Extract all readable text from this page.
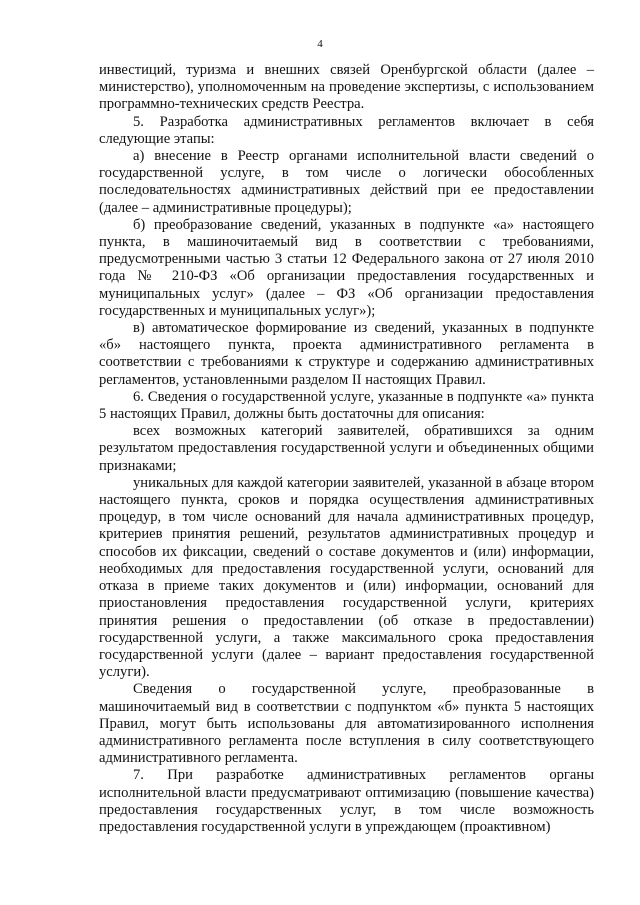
4

инвестиций, туризма и внешних связей Оренбургской области (далее – министерство), уполномоченным на проведение экспертизы, с использованием программно-технических средств Реестра.

5. Разработка административных регламентов включает в себя следующие этапы:

а) внесение в Реестр органами исполнительной власти сведений о государственной услуге, в том числе о логически обособленных последовательностях административных действий при ее предоставлении (далее – административные процедуры);

б) преобразование сведений, указанных в подпункте «а» настоящего пункта, в машиночитаемый вид в соответствии с требованиями, предусмотренными частью 3 статьи 12 Федерального закона от 27 июля 2010 года № 210-ФЗ «Об организации предоставления государственных и муниципальных услуг» (далее – ФЗ «Об организации предоставления государственных и муниципальных услуг»);

в) автоматическое формирование из сведений, указанных в подпункте «б» настоящего пункта, проекта административного регламента в соответствии с требованиями к структуре и содержанию административных регламентов, установленными разделом II настоящих Правил.

6. Сведения о государственной услуге, указанные в подпункте «а» пункта 5 настоящих Правил, должны быть достаточны для описания:

всех возможных категорий заявителей, обратившихся за одним результатом предоставления государственной услуги и объединенных общими признаками;

уникальных для каждой категории заявителей, указанной в абзаце втором настоящего пункта, сроков и порядка осуществления административных процедур, в том числе оснований для начала административных процедур, критериев принятия решений, результатов административных процедур и способов их фиксации, сведений о составе документов и (или) информации, необходимых для предоставления государственной услуги, оснований для отказа в приеме таких документов и (или) информации, оснований для приостановления предоставления государственной услуги, критериях принятия решения о предоставлении (об отказе в предоставлении) государственной услуги, а также максимального срока предоставления государственной услуги (далее – вариант предоставления государственной услуги).

Сведения о государственной услуге, преобразованные в машиночитаемый вид в соответствии с подпунктом «б» пункта 5 настоящих Правил, могут быть использованы для автоматизированного исполнения административного регламента после вступления в силу соответствующего административного регламента.

7. При разработке административных регламентов органы исполнительной власти предусматривают оптимизацию (повышение качества) предоставления государственных услуг, в том числе возможность предоставления государственной услуги в упреждающем (проактивном)
